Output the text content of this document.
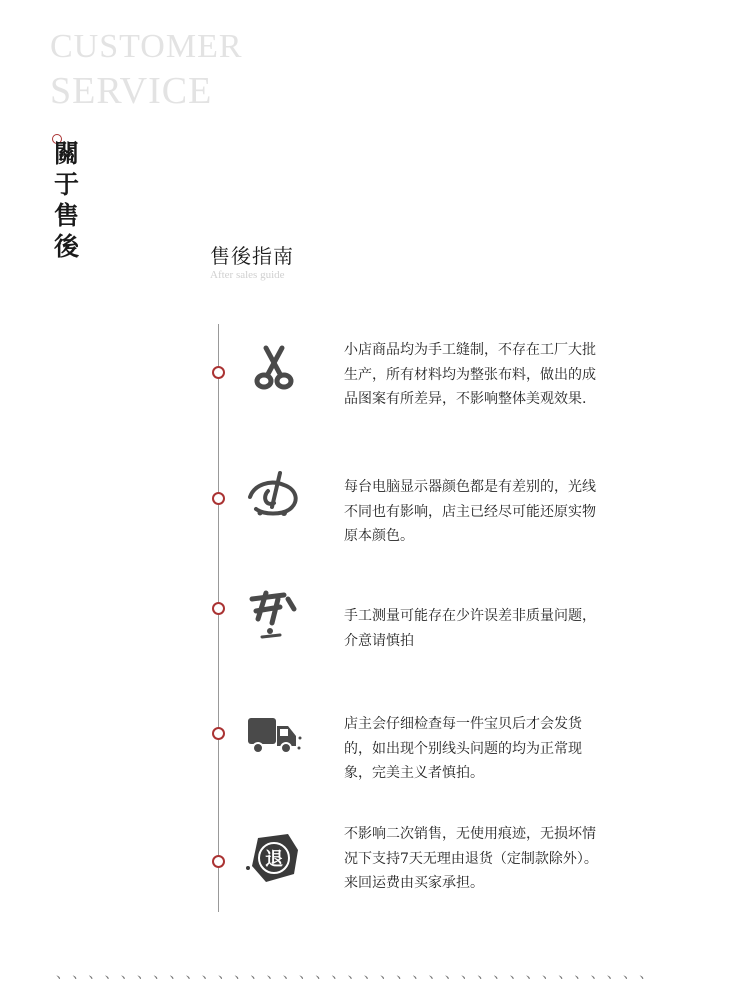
CUSTOMER
SERVICE
關于售後	售後指南
After sales guide
小店商品均为手工缝制，不存在工厂大批生产，所有材料均为整张布料，做出的成品图案有所差异，不影响整体美观效果.
每台电脑显示器颜色都是有差别的，光线不同也有影响，店主已经尽可能还原实物原本颜色。
手工测量可能存在少许误差非质量问题，介意请慎拍
店主会仔细检查每一件宝贝后才会发货的，如出现个别线头问题的均为正常现象，完美主义者慎拍。
退
不影响二次销售，无使用痕迹，无损坏情况下支持7天无理由退货（定制款除外）。来回运费由买家承担。
、、、、、、、、、、、、、、、、、、、、、、、、、、、、、、、、、、、、、
